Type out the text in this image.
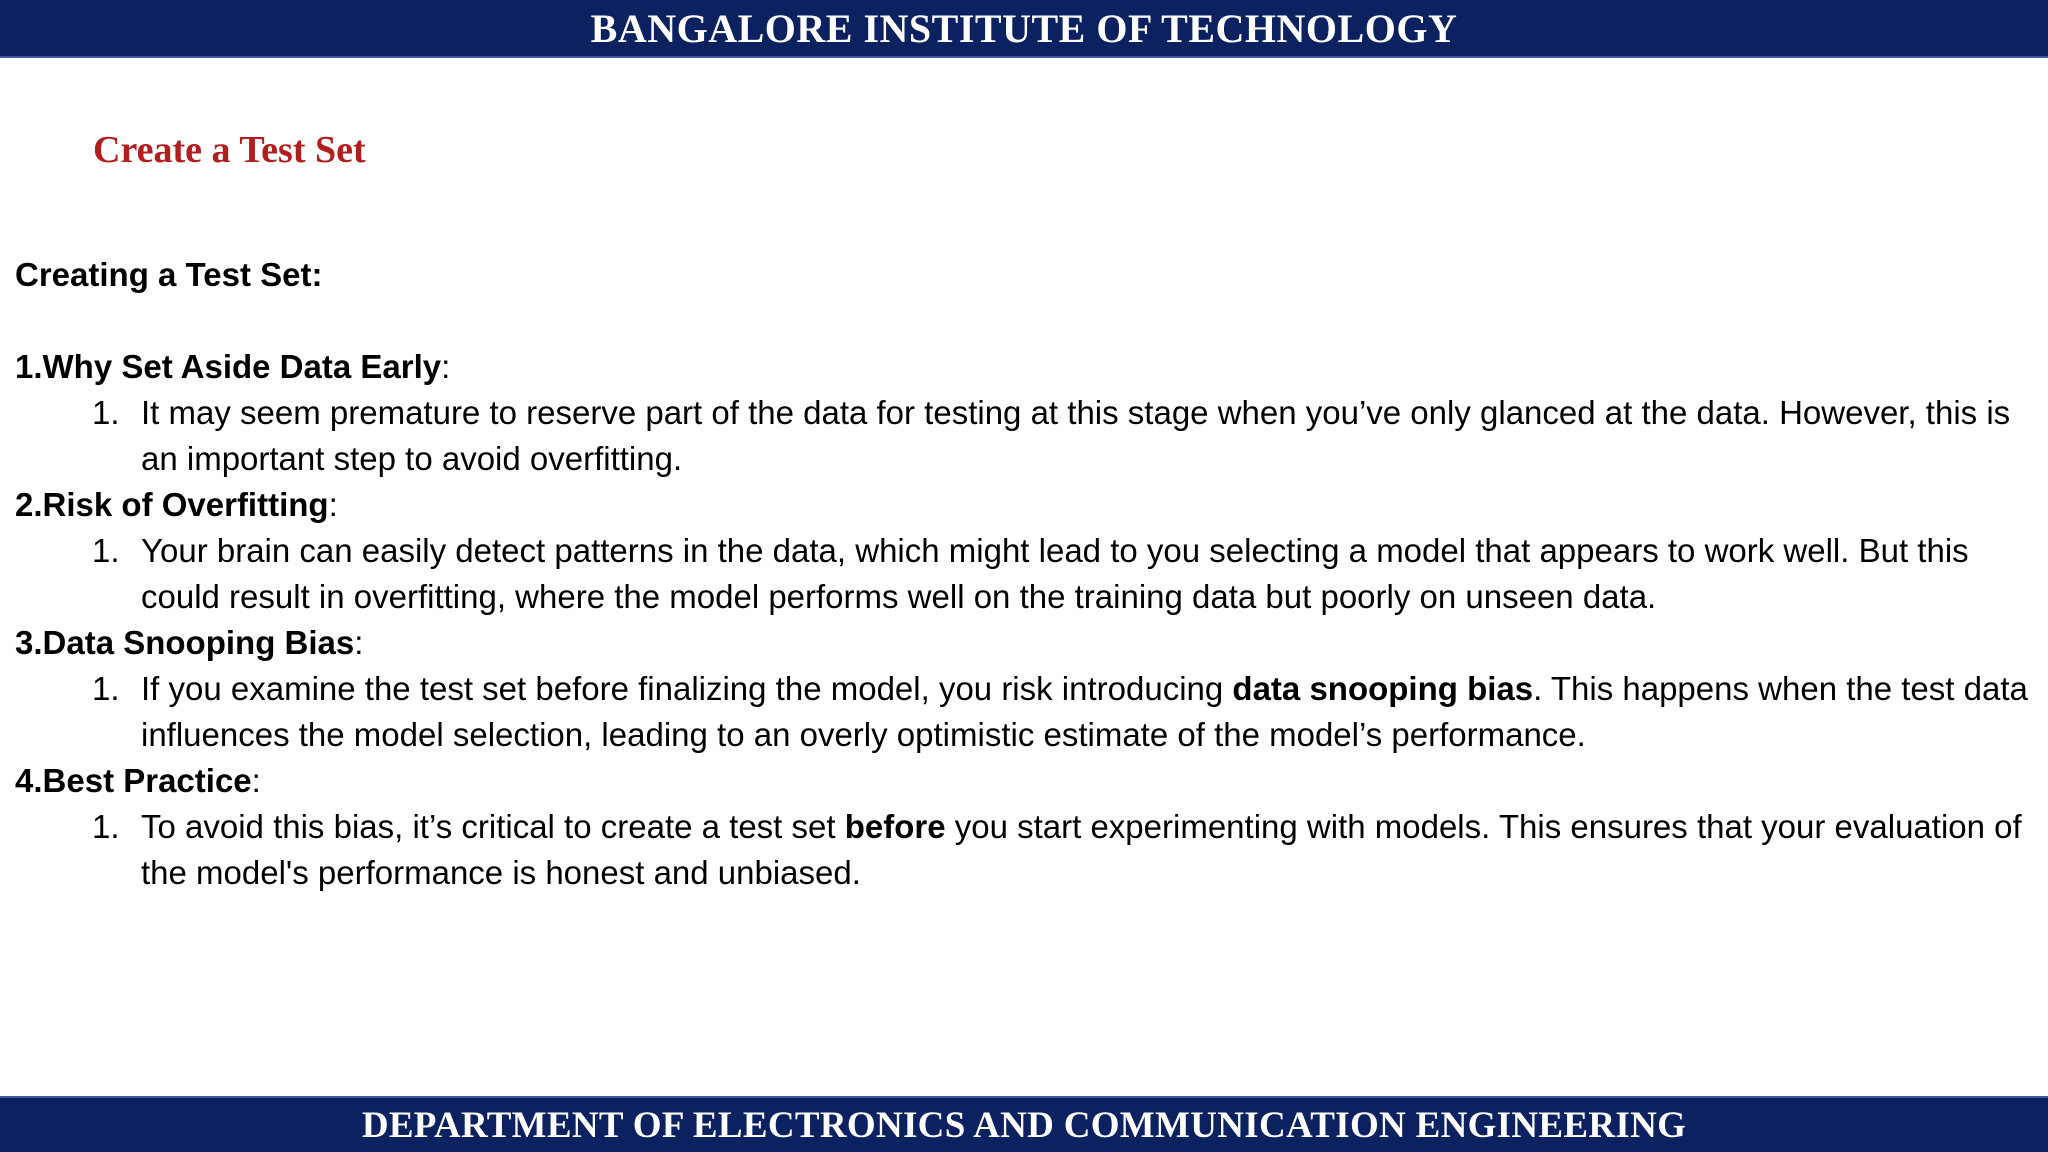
BANGALORE INSTITUTE OF TECHNOLOGY
Create a Test Set
Creating a Test Set:
1.Why Set Aside Data Early:
1. It may seem premature to reserve part of the data for testing at this stage when you’ve only glanced at the data. However, this is an important step to avoid overfitting.
2.Risk of Overfitting:
1. Your brain can easily detect patterns in the data, which might lead to you selecting a model that appears to work well. But this could result in overfitting, where the model performs well on the training data but poorly on unseen data.
3.Data Snooping Bias:
1. If you examine the test set before finalizing the model, you risk introducing data snooping bias. This happens when the test data influences the model selection, leading to an overly optimistic estimate of the model’s performance.
4.Best Practice:
1. To avoid this bias, it’s critical to create a test set before you start experimenting with models. This ensures that your evaluation of the model's performance is honest and unbiased.
DEPARTMENT OF ELECTRONICS AND COMMUNICATION ENGINEERING
